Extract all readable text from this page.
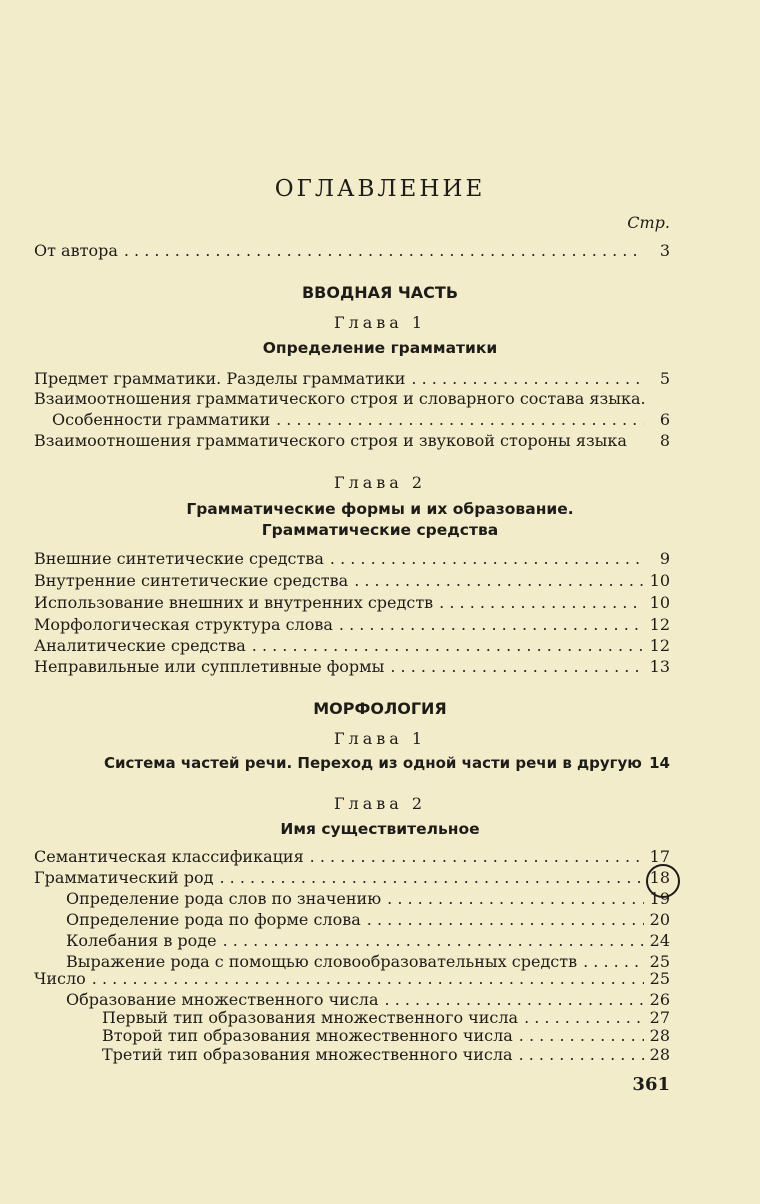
ОГЛАВЛЕНИЕ
Стр.
От автора . . .	3
ВВОДНАЯ ЧАСТЬ
Глава 1
Определение грамматики
Предмет грамматики. Разделы грамматики . . .	5
Взаимоотношения грамматического строя и словарного состава языка.
Особенности грамматики . . .	6
Взаимоотношения грамматического строя и звуковой стороны языка	8
Глава 2
Грамматические формы и их образование.
Грамматические средства
Внешние синтетические средства . . .	9
Внутренние синтетические средства . . .	10
Использование внешних и внутренних средств . . .	10
Морфологическая структура слова . . .	12
Аналитические средства . . .	12
Неправильные или супплетивные формы . . .	13
МОРФОЛОГИЯ
Глава 1
Система частей речи. Переход из одной части речи в другую 14
Глава 2
Имя существительное
Семантическая классификация . . .	17
Грамматический род . . .	18
Определение рода слов по значению . . .	19
Определение рода по форме слова . . .	20
Колебания в роде . . .	24
Выражение рода с помощью словообразовательных средств . . .	25
Число . . .	25
Образование множественного числа . . .	26
Первый тип образования множественного числа . . .	27
Второй тип образования множественного числа . . .	28
Третий тип образования множественного числа . . .	28
361
